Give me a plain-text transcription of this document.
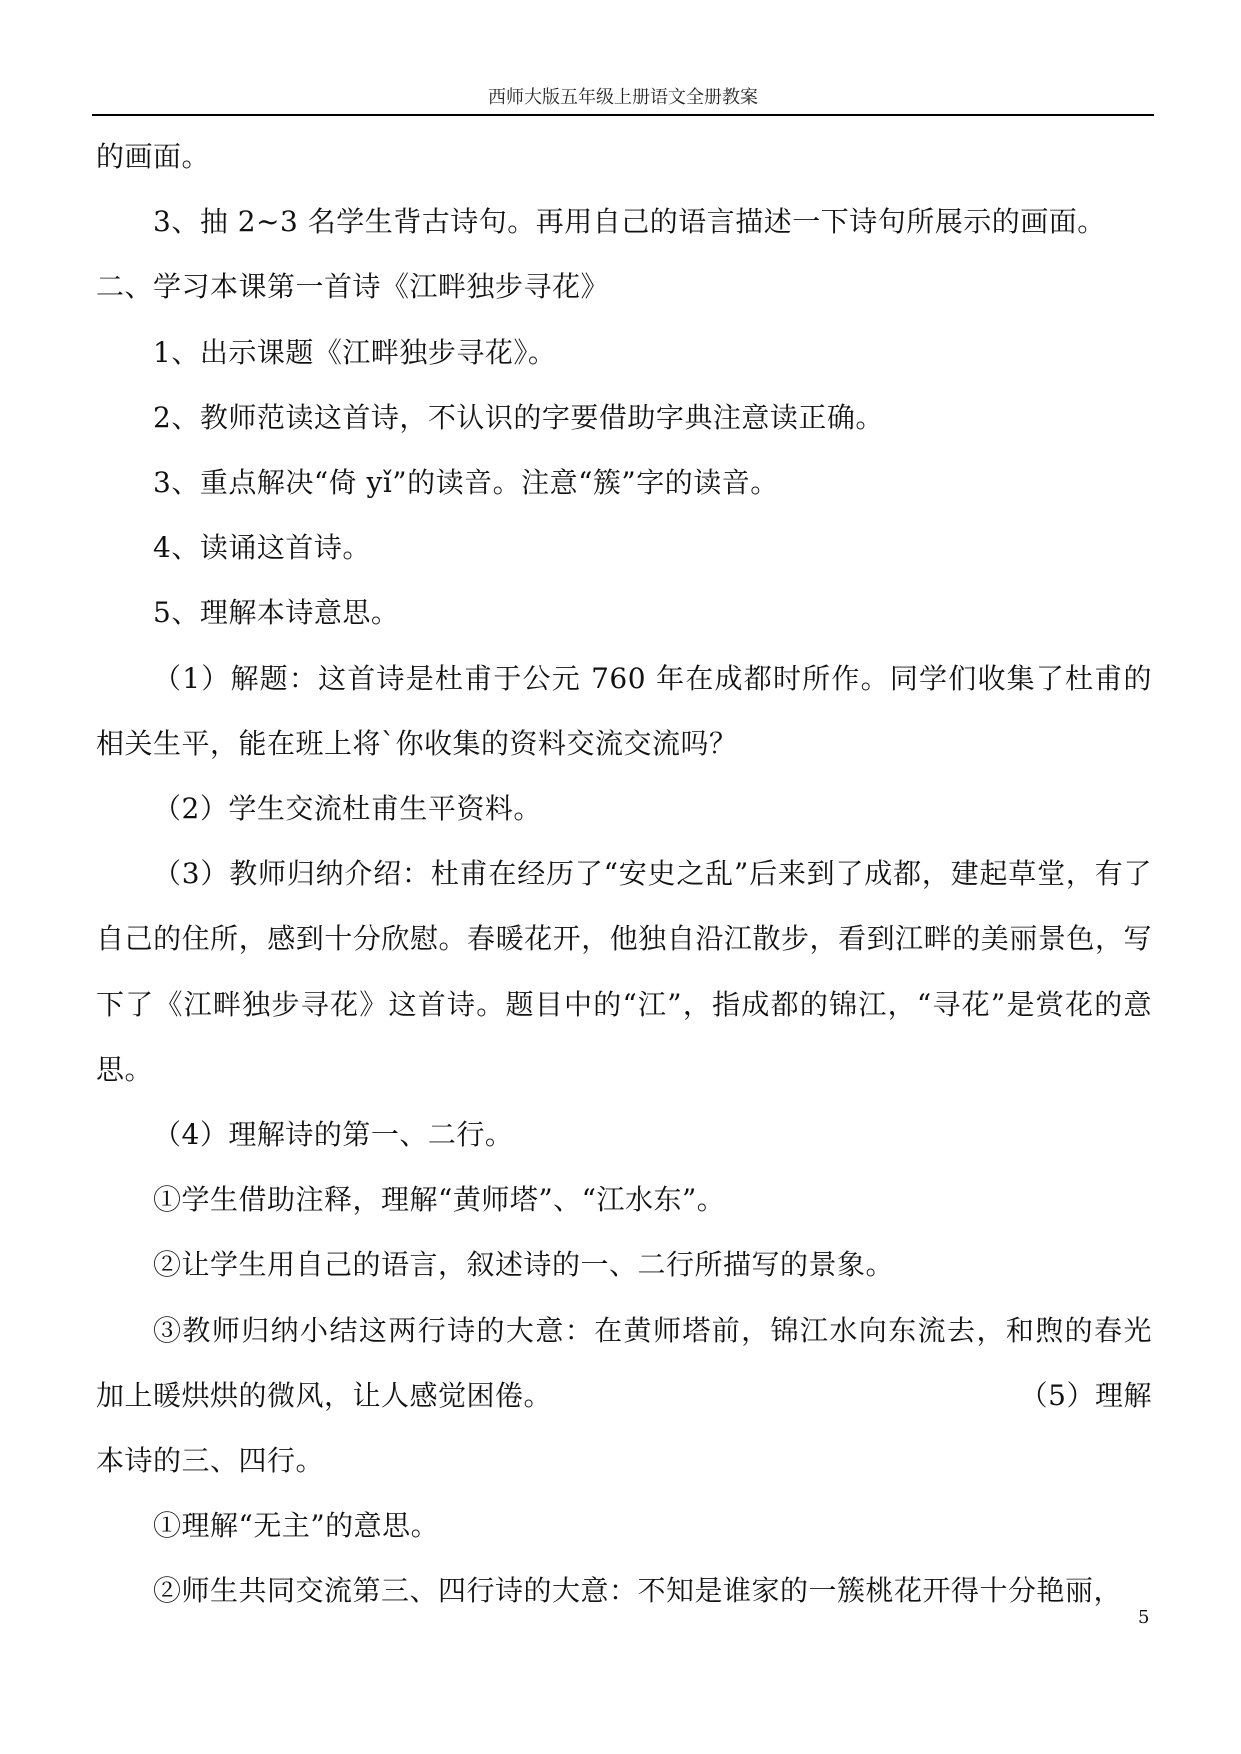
西师大版五年级上册语文全册教案

的画面。

3、抽 2~3 名学生背古诗句。再用自己的语言描述一下诗句所展示的画面。

二、学习本课第一首诗《江畔独步寻花》

1、出示课题《江畔独步寻花》。

2、教师范读这首诗，不认识的字要借助字典注意读正确。

3、重点解决“倚 yǐ”的读音。注意“簇”字的读音。

4、读诵这首诗。

5、理解本诗意思。

（1）解题：这首诗是杜甫于公元 760 年在成都时所作。同学们收集了杜甫的相关生平，能在班上将`你收集的资料交流交流吗？

（2）学生交流杜甫生平资料。

（3）教师归纳介绍：杜甫在经历了“安史之乱”后来到了成都，建起草堂，有了自己的住所，感到十分欣慰。春暖花开，他独自沿江散步，看到江畔的美丽景色，写下了《江畔独步寻花》这首诗。题目中的“江”，指成都的锦江，“寻花”是赏花的意思。

（4）理解诗的第一、二行。

①学生借助注释，理解“黄师塔”、“江水东”。

②让学生用自己的语言，叙述诗的一、二行所描写的景象。

③教师归纳小结这两行诗的大意：在黄师塔前，锦江水向东流去，和煦的春光

加上暖烘烘的微风，让人感觉困倦。	（5）理解

本诗的三、四行。

①理解“无主”的意思。

②师生共同交流第三、四行诗的大意：不知是谁家的一簇桃花开得十分艳丽，

5
